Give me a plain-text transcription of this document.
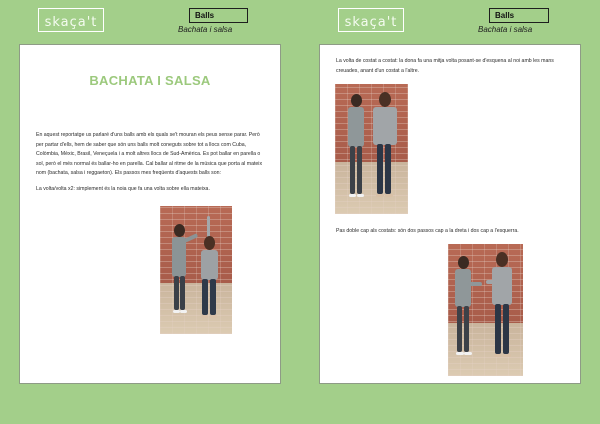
skaça't	Balls
Bachata i salsa	skaça't	Balls
Bachata i salsa
BACHATA I SALSA

En aquest reportatge us parlaré d'uns balls amb els quals se't mouran els peus sense parar. Però per partar d'ells, hem de saber que són uns balls molt coneguts sobre tot a llocs com Cuba, Colòmbia, Mèxic, Brasil, Veneçuela i a molt altres llocs de Sud-Amèrica. Es pot ballar en parella o sol, però el més normal és ballar-ho en parella. Cal ballar al ritme de la música que porta al mateix nom (bachata, salsa i reggaeton). Els passos mes freqüents d'aquests balls son:

La volta/volta x2: simplement és la noia que fa una volta sobre ella mateixa.

La volta de costat a costat: la dona fa una mitja volta posant-se d'esquena al noi amb les mans creuades, anant d'un costat a l'altre.

Pas doble cap als costats: són dos passos cap a la dreta i dos cap a l'esquerra.
